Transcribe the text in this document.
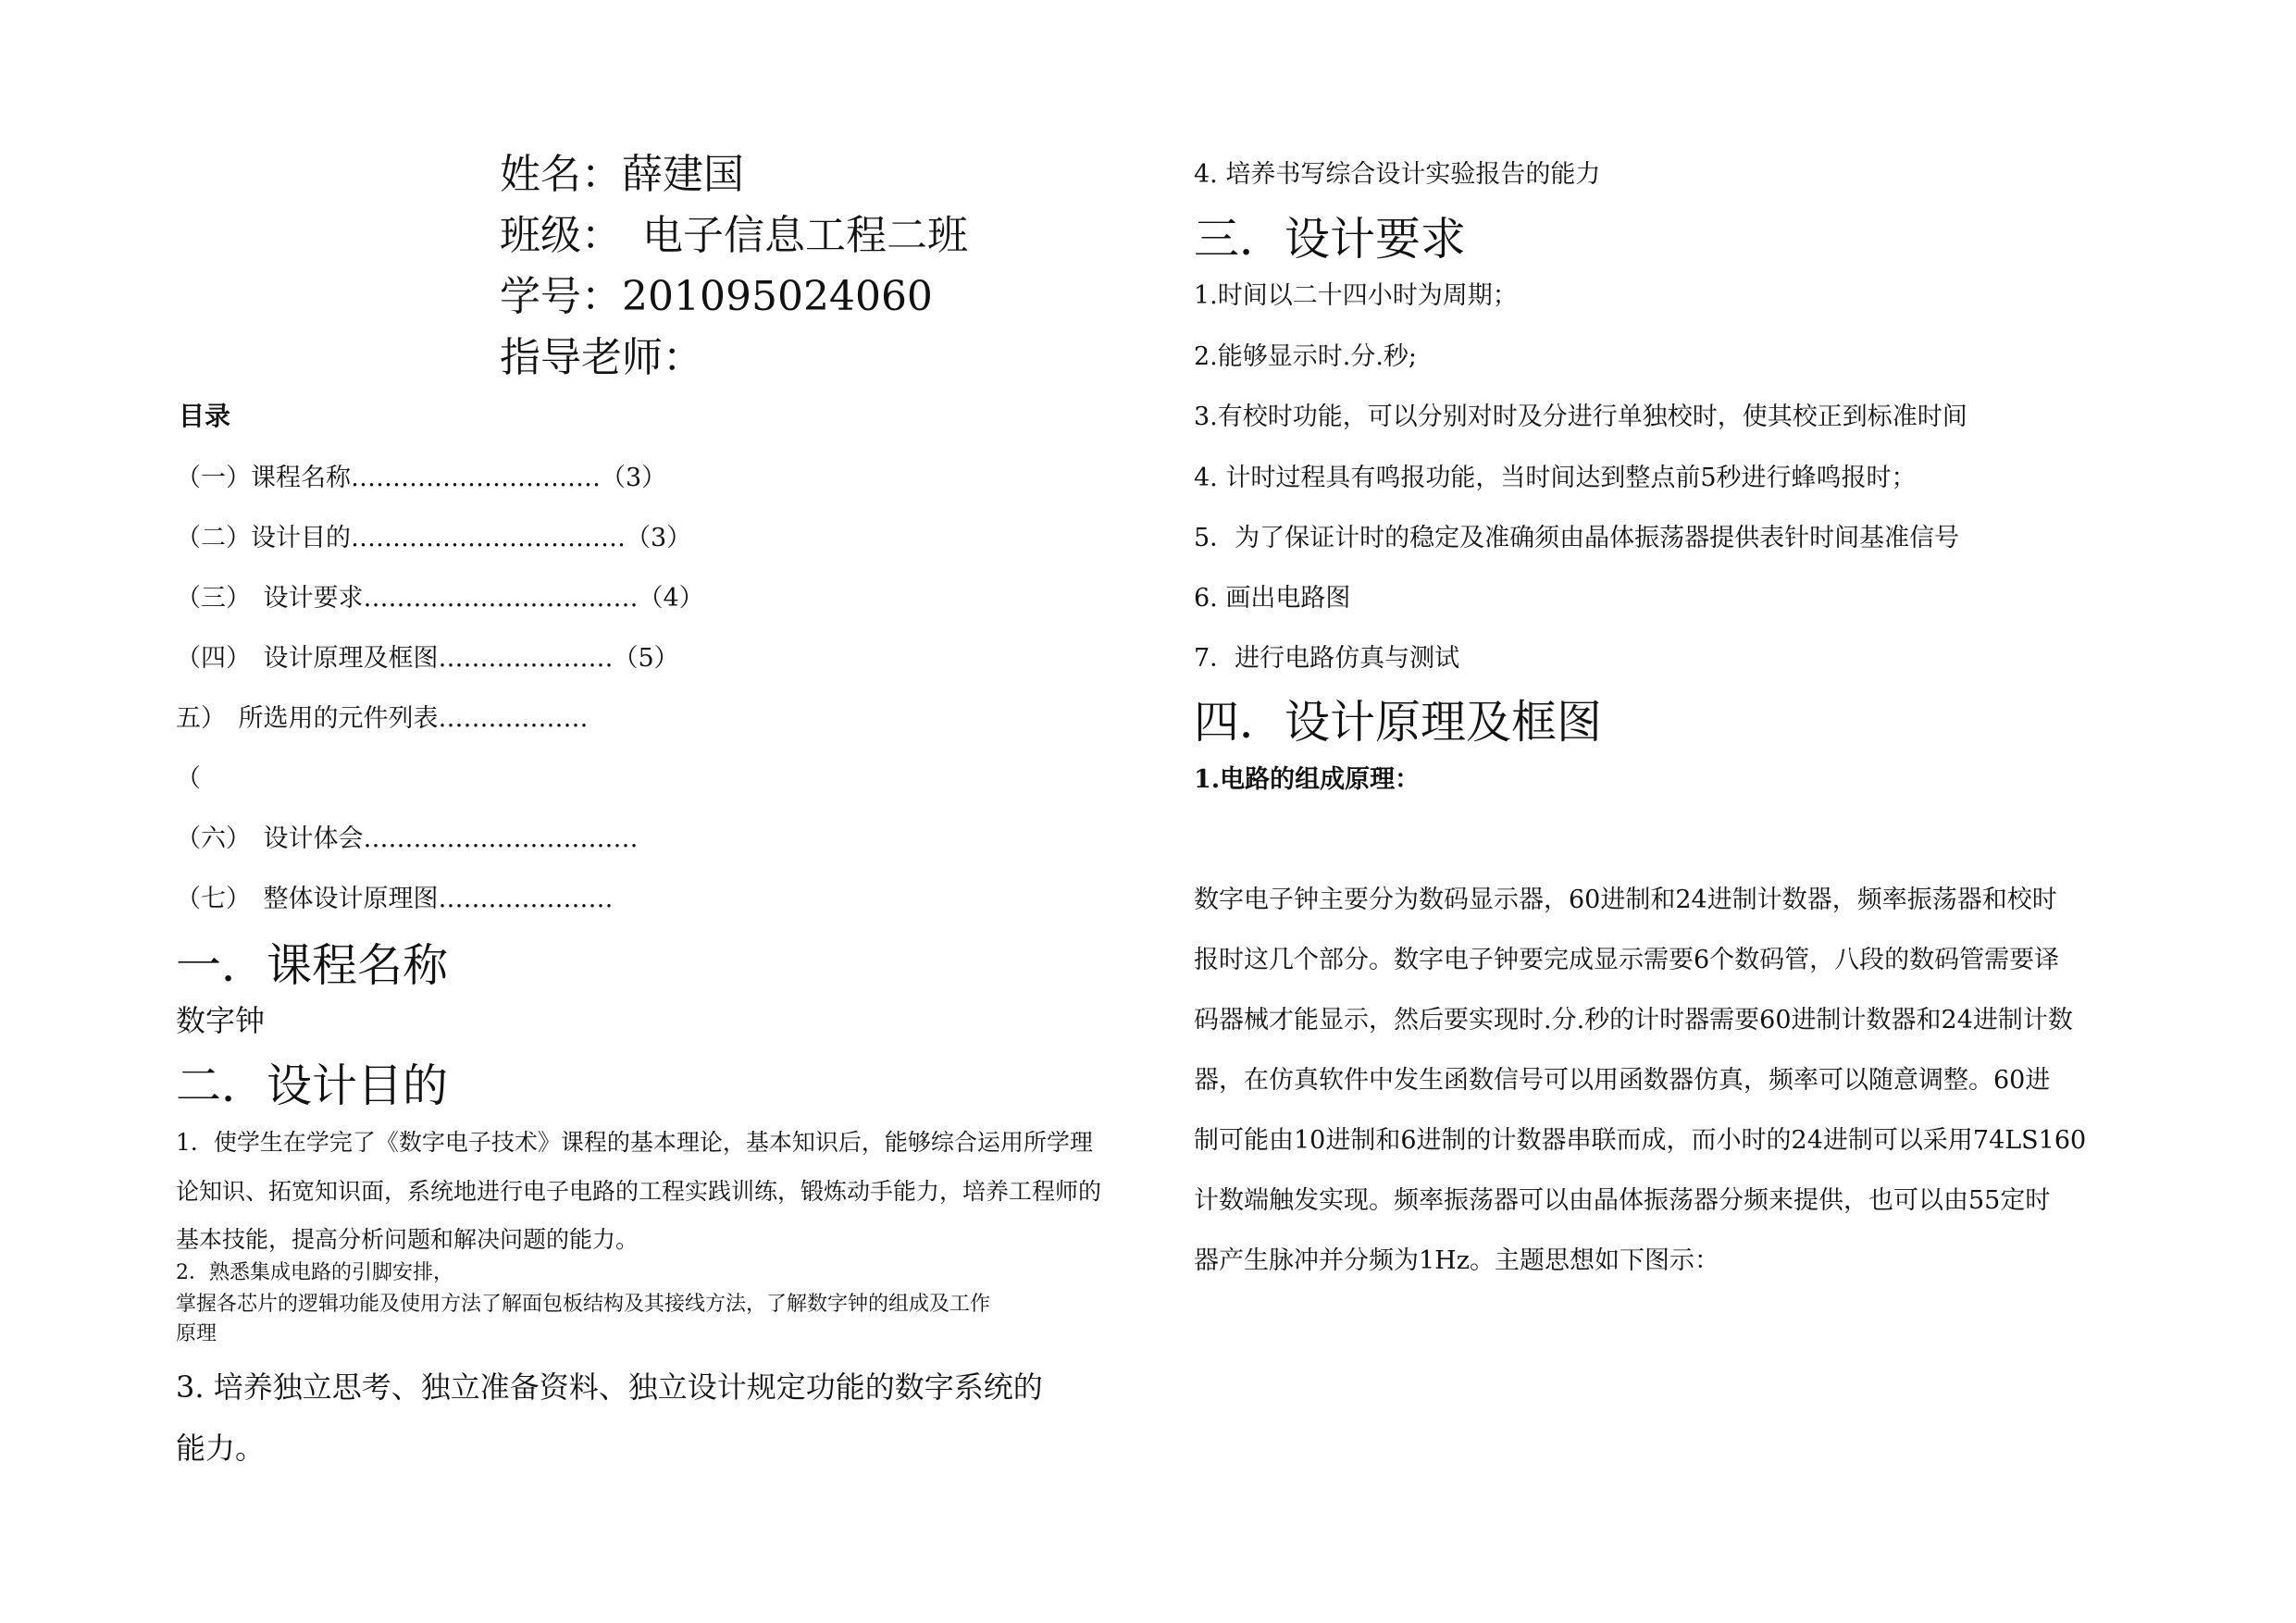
姓名：薛建国
班级：　电子信息工程二班
学号：201095024060
指导老师：
目录
（一）课程名称…………………………（3）
（二）设计目的……………………………（3）
（三）　设计要求……………………………（4）
（四）　设计原理及框图…………………（5）
五）　所选用的元件列表………………
（
（六）　设计体会……………………………
（七）　整体设计原理图…………………
一．课程名称
数字钟
二．设计目的
1．使学生在学完了《数字电子技术》课程的基本理论，基本知识后，能够综合运用所学理
论知识、拓宽知识面，系统地进行电子电路的工程实践训练，锻炼动手能力，培养工程师的
基本技能，提高分析问题和解决问题的能力。
2．熟悉集成电路的引脚安排，
掌握各芯片的逻辑功能及使用方法了解面包板结构及其接线方法，了解数字钟的组成及工作
原理
3. 培养独立思考、独立准备资料、独立设计规定功能的数字系统的
能力。
4. 培养书写综合设计实验报告的能力
三．设计要求
1.时间以二十四小时为周期；
2.能够显示时.分.秒;
3.有校时功能，可以分别对时及分进行单独校时，使其校正到标准时间
4. 计时过程具有鸣报功能，当时间达到整点前5秒进行蜂鸣报时；
5．为了保证计时的稳定及准确须由晶体振荡器提供表针时间基准信号
6. 画出电路图
7．进行电路仿真与测试
四．设计原理及框图
1.电路的组成原理：
数字电子钟主要分为数码显示器，60进制和24进制计数器，频率振荡器和校时
报时这几个部分。数字电子钟要完成显示需要6个数码管，八段的数码管需要译
码器械才能显示，然后要实现时.分.秒的计时器需要60进制计数器和24进制计数
器，在仿真软件中发生函数信号可以用函数器仿真，频率可以随意调整。60进
制可能由10进制和6进制的计数器串联而成，而小时的24进制可以采用74LS160
计数端触发实现。频率振荡器可以由晶体振荡器分频来提供，也可以由55定时
器产生脉冲并分频为1Hz。主题思想如下图示：
